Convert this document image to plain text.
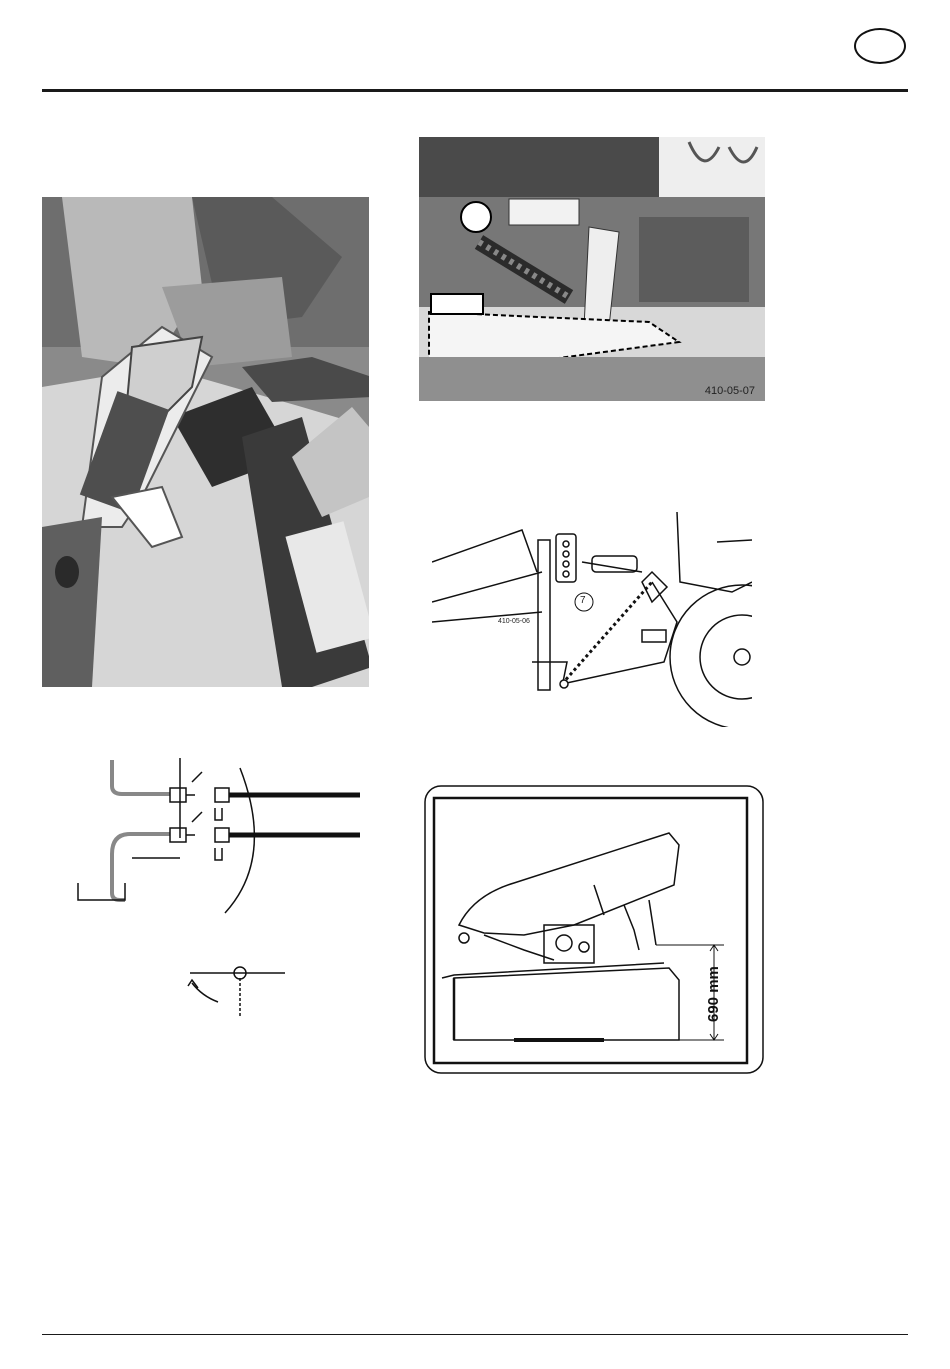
410-05-07
7
410-05-06
690 mm
